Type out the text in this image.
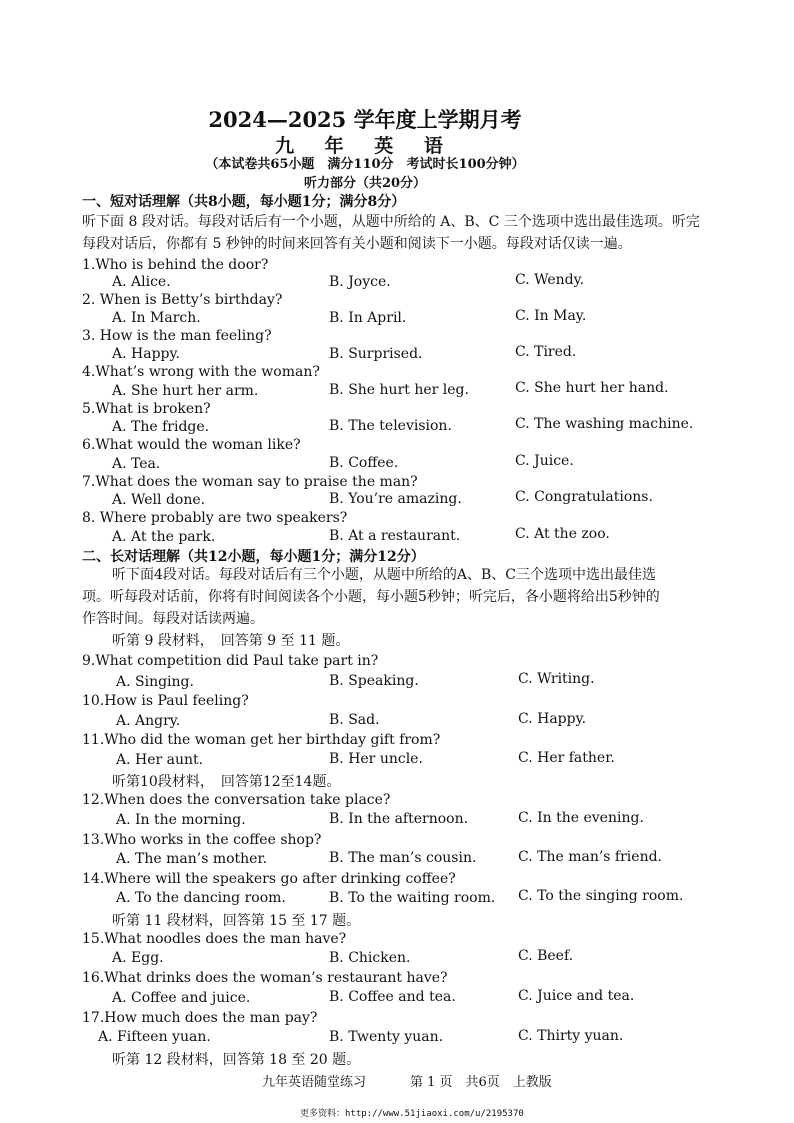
2024—2025 学年度上学期月考
九 年 英 语
（本试卷共65小题　满分110分　考试时长100分钟）
听力部分（共20分）
一、短对话理解（共8小题，每小题1分；满分8分）
听下面 8 段对话。每段对话后有一个小题，从题中所给的 A、B、C 三个选项中选出最佳选项。听完
每段对话后，你都有 5 秒钟的时间来回答有关小题和阅读下一小题。每段对话仅读一遍。
1.Who is behind the door?
A. Alice.	B. Joyce.	C. Wendy.
2. When is Betty’s birthday?
A. In March.	B. In April.	C. In May.
3. How is the man feeling?
A. Happy.	B. Surprised.	C. Tired.
4.What’s wrong with the woman?
A. She hurt her arm.	B. She hurt her leg.	C. She hurt her hand.
5.What is broken?
A. The fridge.	B. The television.	C. The washing machine.
6.What would the woman like?
A. Tea.	B. Coffee.	C. Juice.
7.What does the woman say to praise the man?
A. Well done.	B. You’re amazing.	C. Congratulations.
8. Where probably are two speakers?
A. At the park.	B. At a restaurant.	C. At the zoo.
二、长对话理解（共12小题，每小题1分；满分12分）
听下面4段对话。每段对话后有三个小题，从题中所给的A、B、C三个选项中选出最佳选
项。听每段对话前，你将有时间阅读各个小题，每小题5秒钟；听完后，各小题将给出5秒钟的
作答时间。每段对话读两遍。
听第 9 段材料，　回答第 9 至 11 题。
9.What competition did Paul take part in?
A. Singing.	B. Speaking.	C. Writing.
10.How is Paul feeling?
A. Angry.	B. Sad.	C. Happy.
11.Who did the woman get her birthday gift from?
A. Her aunt.	B. Her uncle.	C. Her father.
听第10段材料，　回答第12至14题。
12.When does the conversation take place?
A. In the morning.	B. In the afternoon.	C. In the evening.
13.Who works in the coffee shop?
A. The man’s mother.	B. The man’s cousin.	C. The man’s friend.
14.Where will the speakers go after drinking coffee?
A. To the dancing room.	B. To the waiting room. C. To the singing room.
听第 11 段材料，回答第 15 至 17 题。
15.What noodles does the man have?
A. Egg.	B. Chicken.	C. Beef.
16.What drinks does the woman’s restaurant have?
A. Coffee and juice.	B. Coffee and tea.	C. Juice and tea.
17.How much does the man pay?
A. Fifteen yuan.	B. Twenty yuan.	C. Thirty yuan.
听第 12 段材料，回答第 18 至 20 题。
九年英语随堂练习	第 1 页　共6页　上教版
更多资料：http://www.51jiaoxi.com/u/2195370
